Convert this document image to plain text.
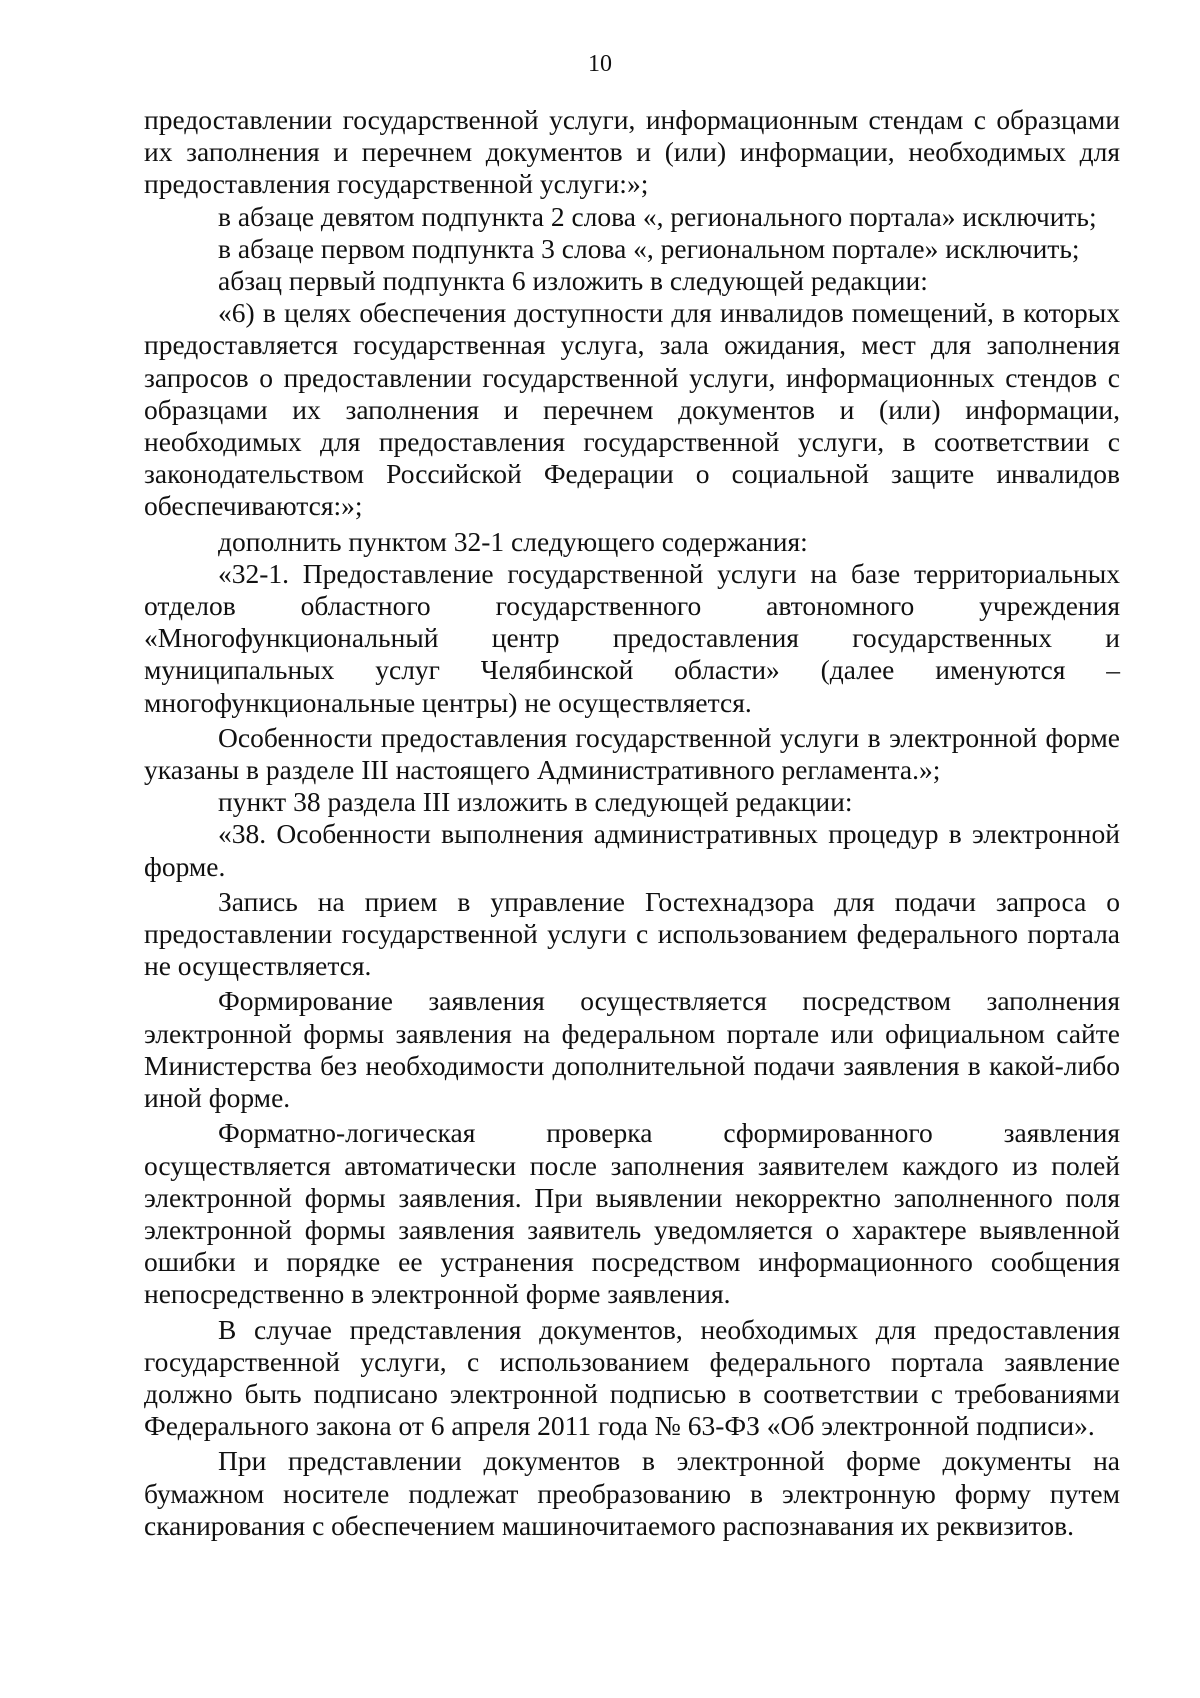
10

предоставлении государственной услуги, информационным стендам с образцами их заполнения и перечнем документов и (или) информации, необходимых для предоставления государственной услуги:»;

в абзаце девятом подпункта 2 слова «, регионального портала» исключить;

в абзаце первом подпункта 3 слова «, региональном портале» исключить;

абзац первый подпункта 6 изложить в следующей редакции:

«6) в целях обеспечения доступности для инвалидов помещений, в которых предоставляется государственная услуга, зала ожидания, мест для заполнения запросов о предоставлении государственной услуги, информационных стендов с образцами их заполнения и перечнем документов и (или) информации, необходимых для предоставления государственной услуги, в соответствии с законодательством Российской Федерации о социальной защите инвалидов обеспечиваются:»;

дополнить пунктом 32-1 следующего содержания:

«32-1. Предоставление государственной услуги на базе территориальных отделов областного государственного автономного учреждения «Многофункциональный центр предоставления государственных и муниципальных услуг Челябинской области» (далее именуются – многофункциональные центры) не осуществляется.

Особенности предоставления государственной услуги в электронной форме указаны в разделе III настоящего Административного регламента.»;

пункт 38 раздела III изложить в следующей редакции:

«38. Особенности выполнения административных процедур в электронной форме.

Запись на прием в управление Гостехнадзора для подачи запроса о предоставлении государственной услуги с использованием федерального портала не осуществляется.

Формирование заявления осуществляется посредством заполнения электронной формы заявления на федеральном портале или официальном сайте Министерства без необходимости дополнительной подачи заявления в какой-либо иной форме.

Форматно-логическая проверка сформированного заявления осуществляется автоматически после заполнения заявителем каждого из полей электронной формы заявления. При выявлении некорректно заполненного поля электронной формы заявления заявитель уведомляется о характере выявленной ошибки и порядке ее устранения посредством информационного сообщения непосредственно в электронной форме заявления.

В случае представления документов, необходимых для предоставления государственной услуги, с использованием федерального портала заявление должно быть подписано электронной подписью в соответствии с требованиями Федерального закона от 6 апреля 2011 года № 63-ФЗ «Об электронной подписи».

При представлении документов в электронной форме документы на бумажном носителе подлежат преобразованию в электронную форму путем сканирования с обеспечением машиночитаемого распознавания их реквизитов.
